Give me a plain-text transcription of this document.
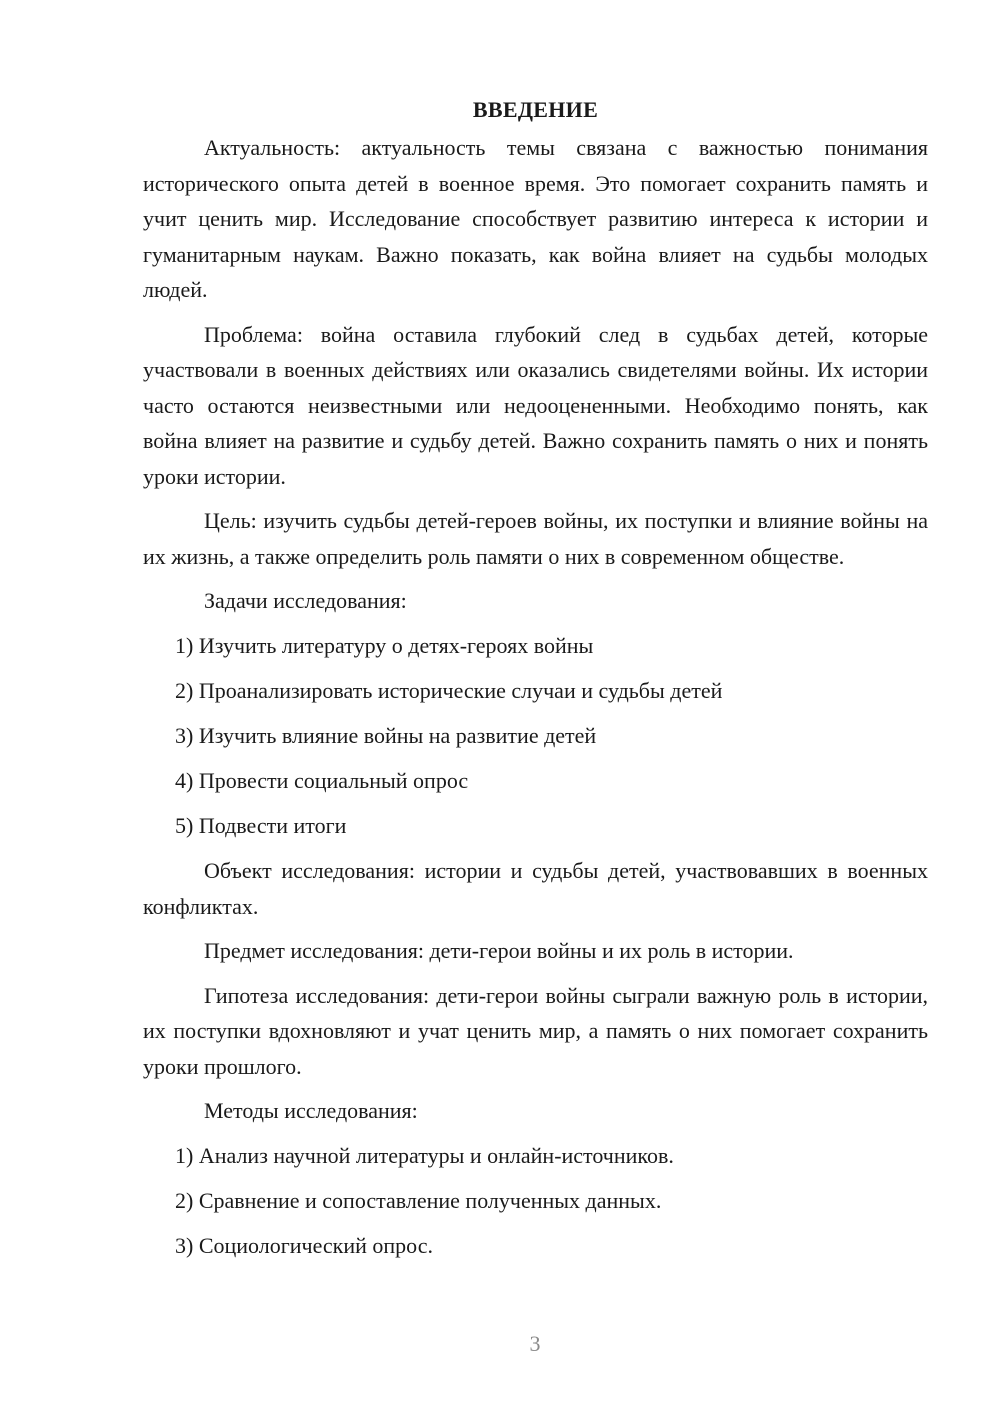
ВВЕДЕНИЕ

Актуальность: актуальность темы связана с важностью понимания исторического опыта детей в военное время. Это помогает сохранить память и учит ценить мир. Исследование способствует развитию интереса к истории и гуманитарным наукам. Важно показать, как война влияет на судьбы молодых людей.

Проблема: война оставила глубокий след в судьбах детей, которые участвовали в военных действиях или оказались свидетелями войны. Их истории часто остаются неизвестными или недооцененными. Необходимо понять, как война влияет на развитие и судьбу детей. Важно сохранить память о них и понять уроки истории.

Цель: изучить судьбы детей-героев войны, их поступки и влияние войны на их жизнь, а также определить роль памяти о них в современном обществе.

Задачи исследования:
1) Изучить литературу о детях-героях войны
2) Проанализировать исторические случаи и судьбы детей
3) Изучить влияние войны на развитие детей
4) Провести социальный опрос
5) Подвести итоги

Объект исследования: истории и судьбы детей, участвовавших в военных конфликтах.

Предмет исследования: дети-герои войны и их роль в истории.

Гипотеза исследования: дети-герои войны сыграли важную роль в истории, их поступки вдохновляют и учат ценить мир, а память о них помогает сохранить уроки прошлого.

Методы исследования:
1) Анализ научной литературы и онлайн-источников.
2) Сравнение и сопоставление полученных данных.
3) Социологический опрос.
3
